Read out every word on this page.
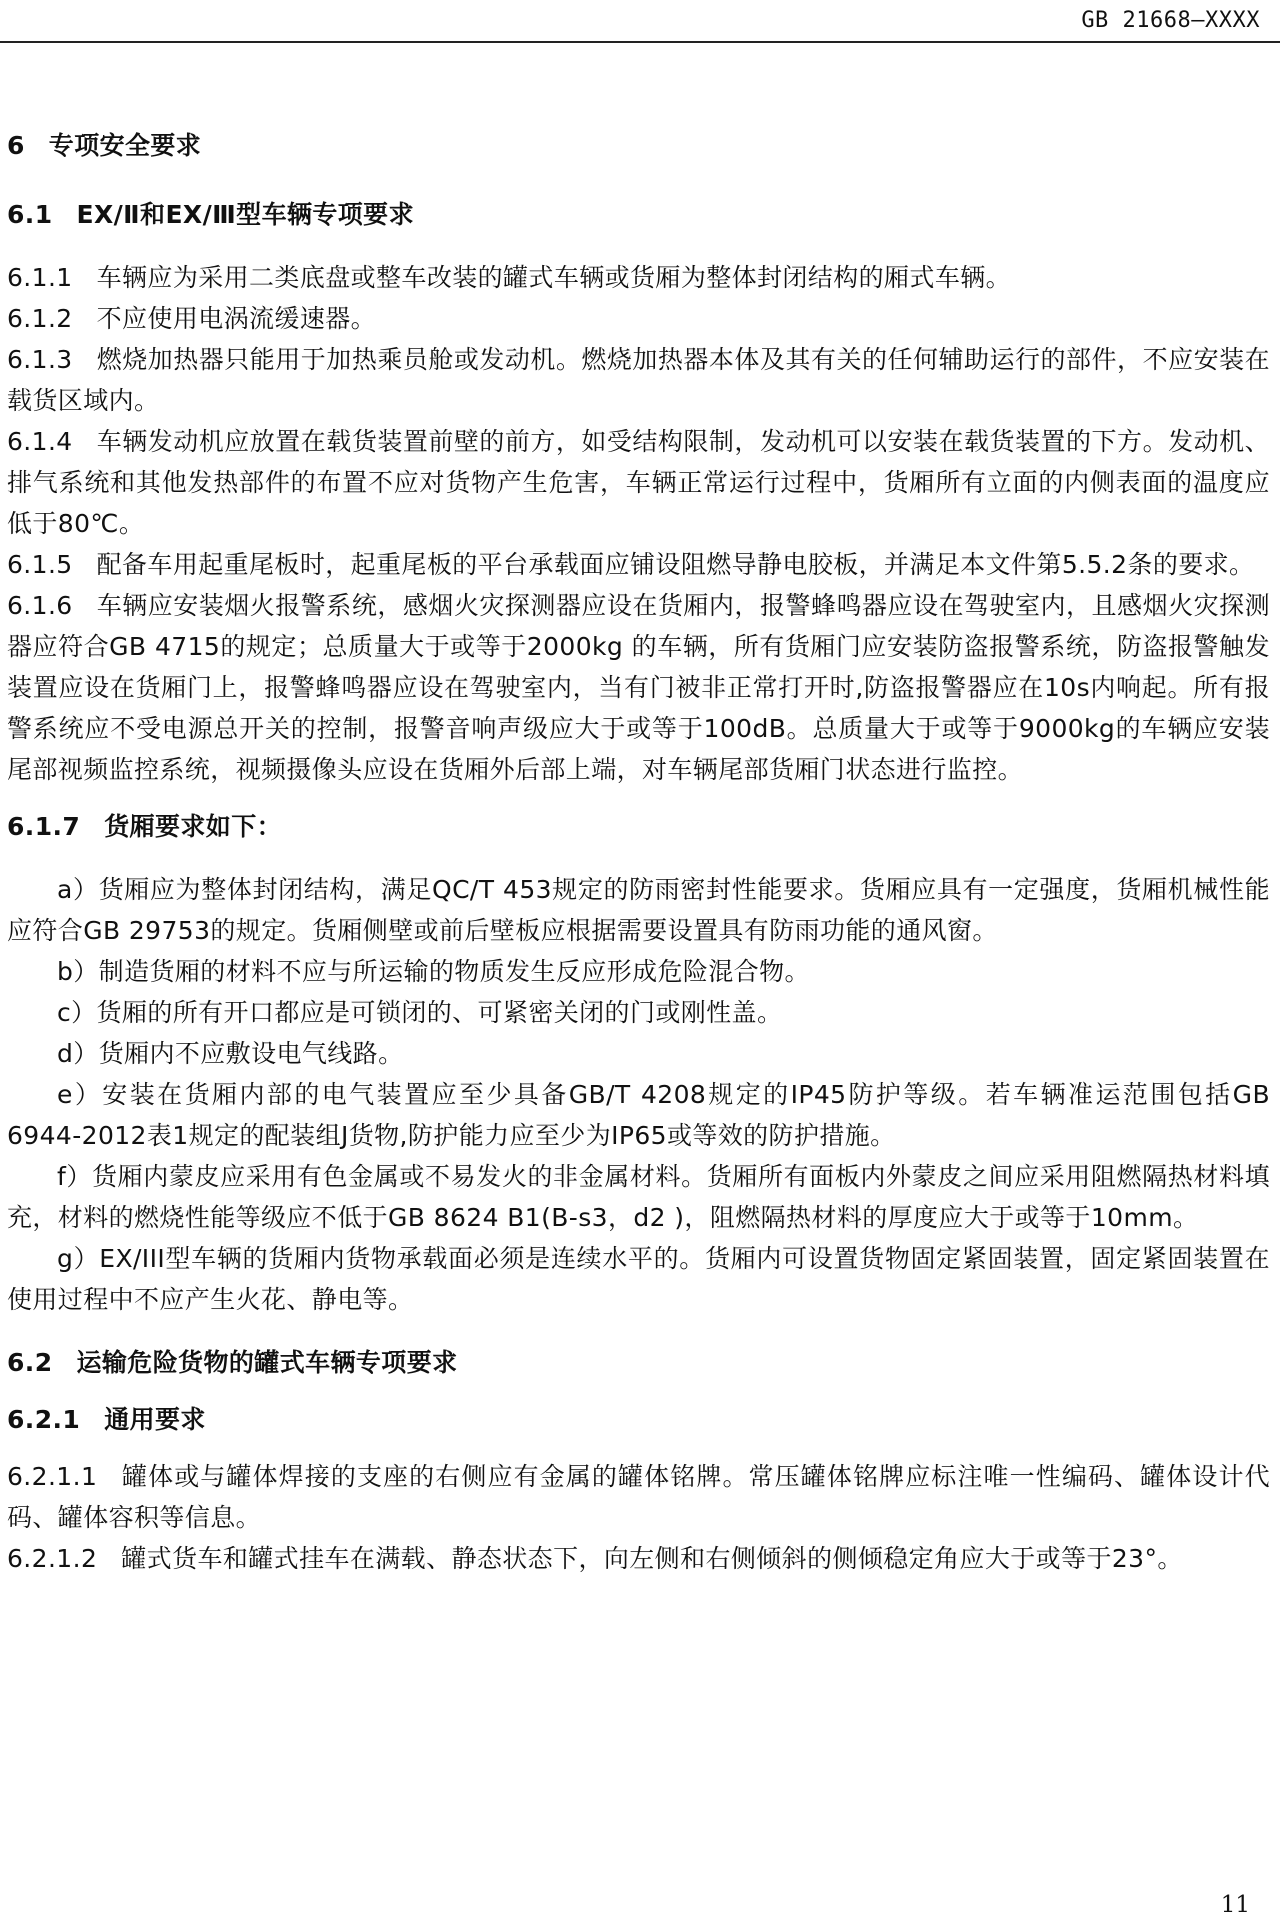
GB 21668—XXXX

6 专项安全要求

6.1 EX/Ⅱ和EX/Ⅲ型车辆专项要求

6.1.1 车辆应为采用二类底盘或整车改装的罐式车辆或货厢为整体封闭结构的厢式车辆。

6.1.2 不应使用电涡流缓速器。

6.1.3 燃烧加热器只能用于加热乘员舱或发动机。燃烧加热器本体及其有关的任何辅助运行的部件，不应安装在载货区域内。

6.1.4 车辆发动机应放置在载货装置前壁的前方，如受结构限制，发动机可以安装在载货装置的下方。发动机、排气系统和其他发热部件的布置不应对货物产生危害，车辆正常运行过程中，货厢所有立面的内侧表面的温度应低于80℃。

6.1.5 配备车用起重尾板时，起重尾板的平台承载面应铺设阻燃导静电胶板，并满足本文件第5.5.2条的要求。

6.1.6 车辆应安装烟火报警系统，感烟火灾探测器应设在货厢内，报警蜂鸣器应设在驾驶室内，且感烟火灾探测器应符合GB 4715的规定；总质量大于或等于2000kg 的车辆，所有货厢门应安装防盗报警系统，防盗报警触发装置应设在货厢门上，报警蜂鸣器应设在驾驶室内，当有门被非正常打开时,防盗报警器应在10s内响起。所有报警系统应不受电源总开关的控制，报警音响声级应大于或等于100dB。总质量大于或等于9000kg的车辆应安装尾部视频监控系统，视频摄像头应设在货厢外后部上端，对车辆尾部货厢门状态进行监控。

6.1.7 货厢要求如下：

a）货厢应为整体封闭结构，满足QC/T 453规定的防雨密封性能要求。货厢应具有一定强度，货厢机械性能应符合GB 29753的规定。货厢侧壁或前后壁板应根据需要设置具有防雨功能的通风窗。

b）制造货厢的材料不应与所运输的物质发生反应形成危险混合物。

c）货厢的所有开口都应是可锁闭的、可紧密关闭的门或刚性盖。

d）货厢内不应敷设电气线路。

e）安装在货厢内部的电气装置应至少具备GB/T 4208规定的IP45防护等级。若车辆准运范围包括GB 6944-2012表1规定的配装组J货物,防护能力应至少为IP65或等效的防护措施。

f）货厢内蒙皮应采用有色金属或不易发火的非金属材料。货厢所有面板内外蒙皮之间应采用阻燃隔热材料填充，材料的燃烧性能等级应不低于GB 8624 B1(B-s3，d2 )，阻燃隔热材料的厚度应大于或等于10mm。

g）EX/III型车辆的货厢内货物承载面必须是连续水平的。货厢内可设置货物固定紧固装置，固定紧固装置在使用过程中不应产生火花、静电等。

6.2 运输危险货物的罐式车辆专项要求

6.2.1 通用要求

6.2.1.1 罐体或与罐体焊接的支座的右侧应有金属的罐体铭牌。常压罐体铭牌应标注唯一性编码、罐体设计代码、罐体容积等信息。

6.2.1.2 罐式货车和罐式挂车在满载、静态状态下，向左侧和右侧倾斜的侧倾稳定角应大于或等于23°。

11
